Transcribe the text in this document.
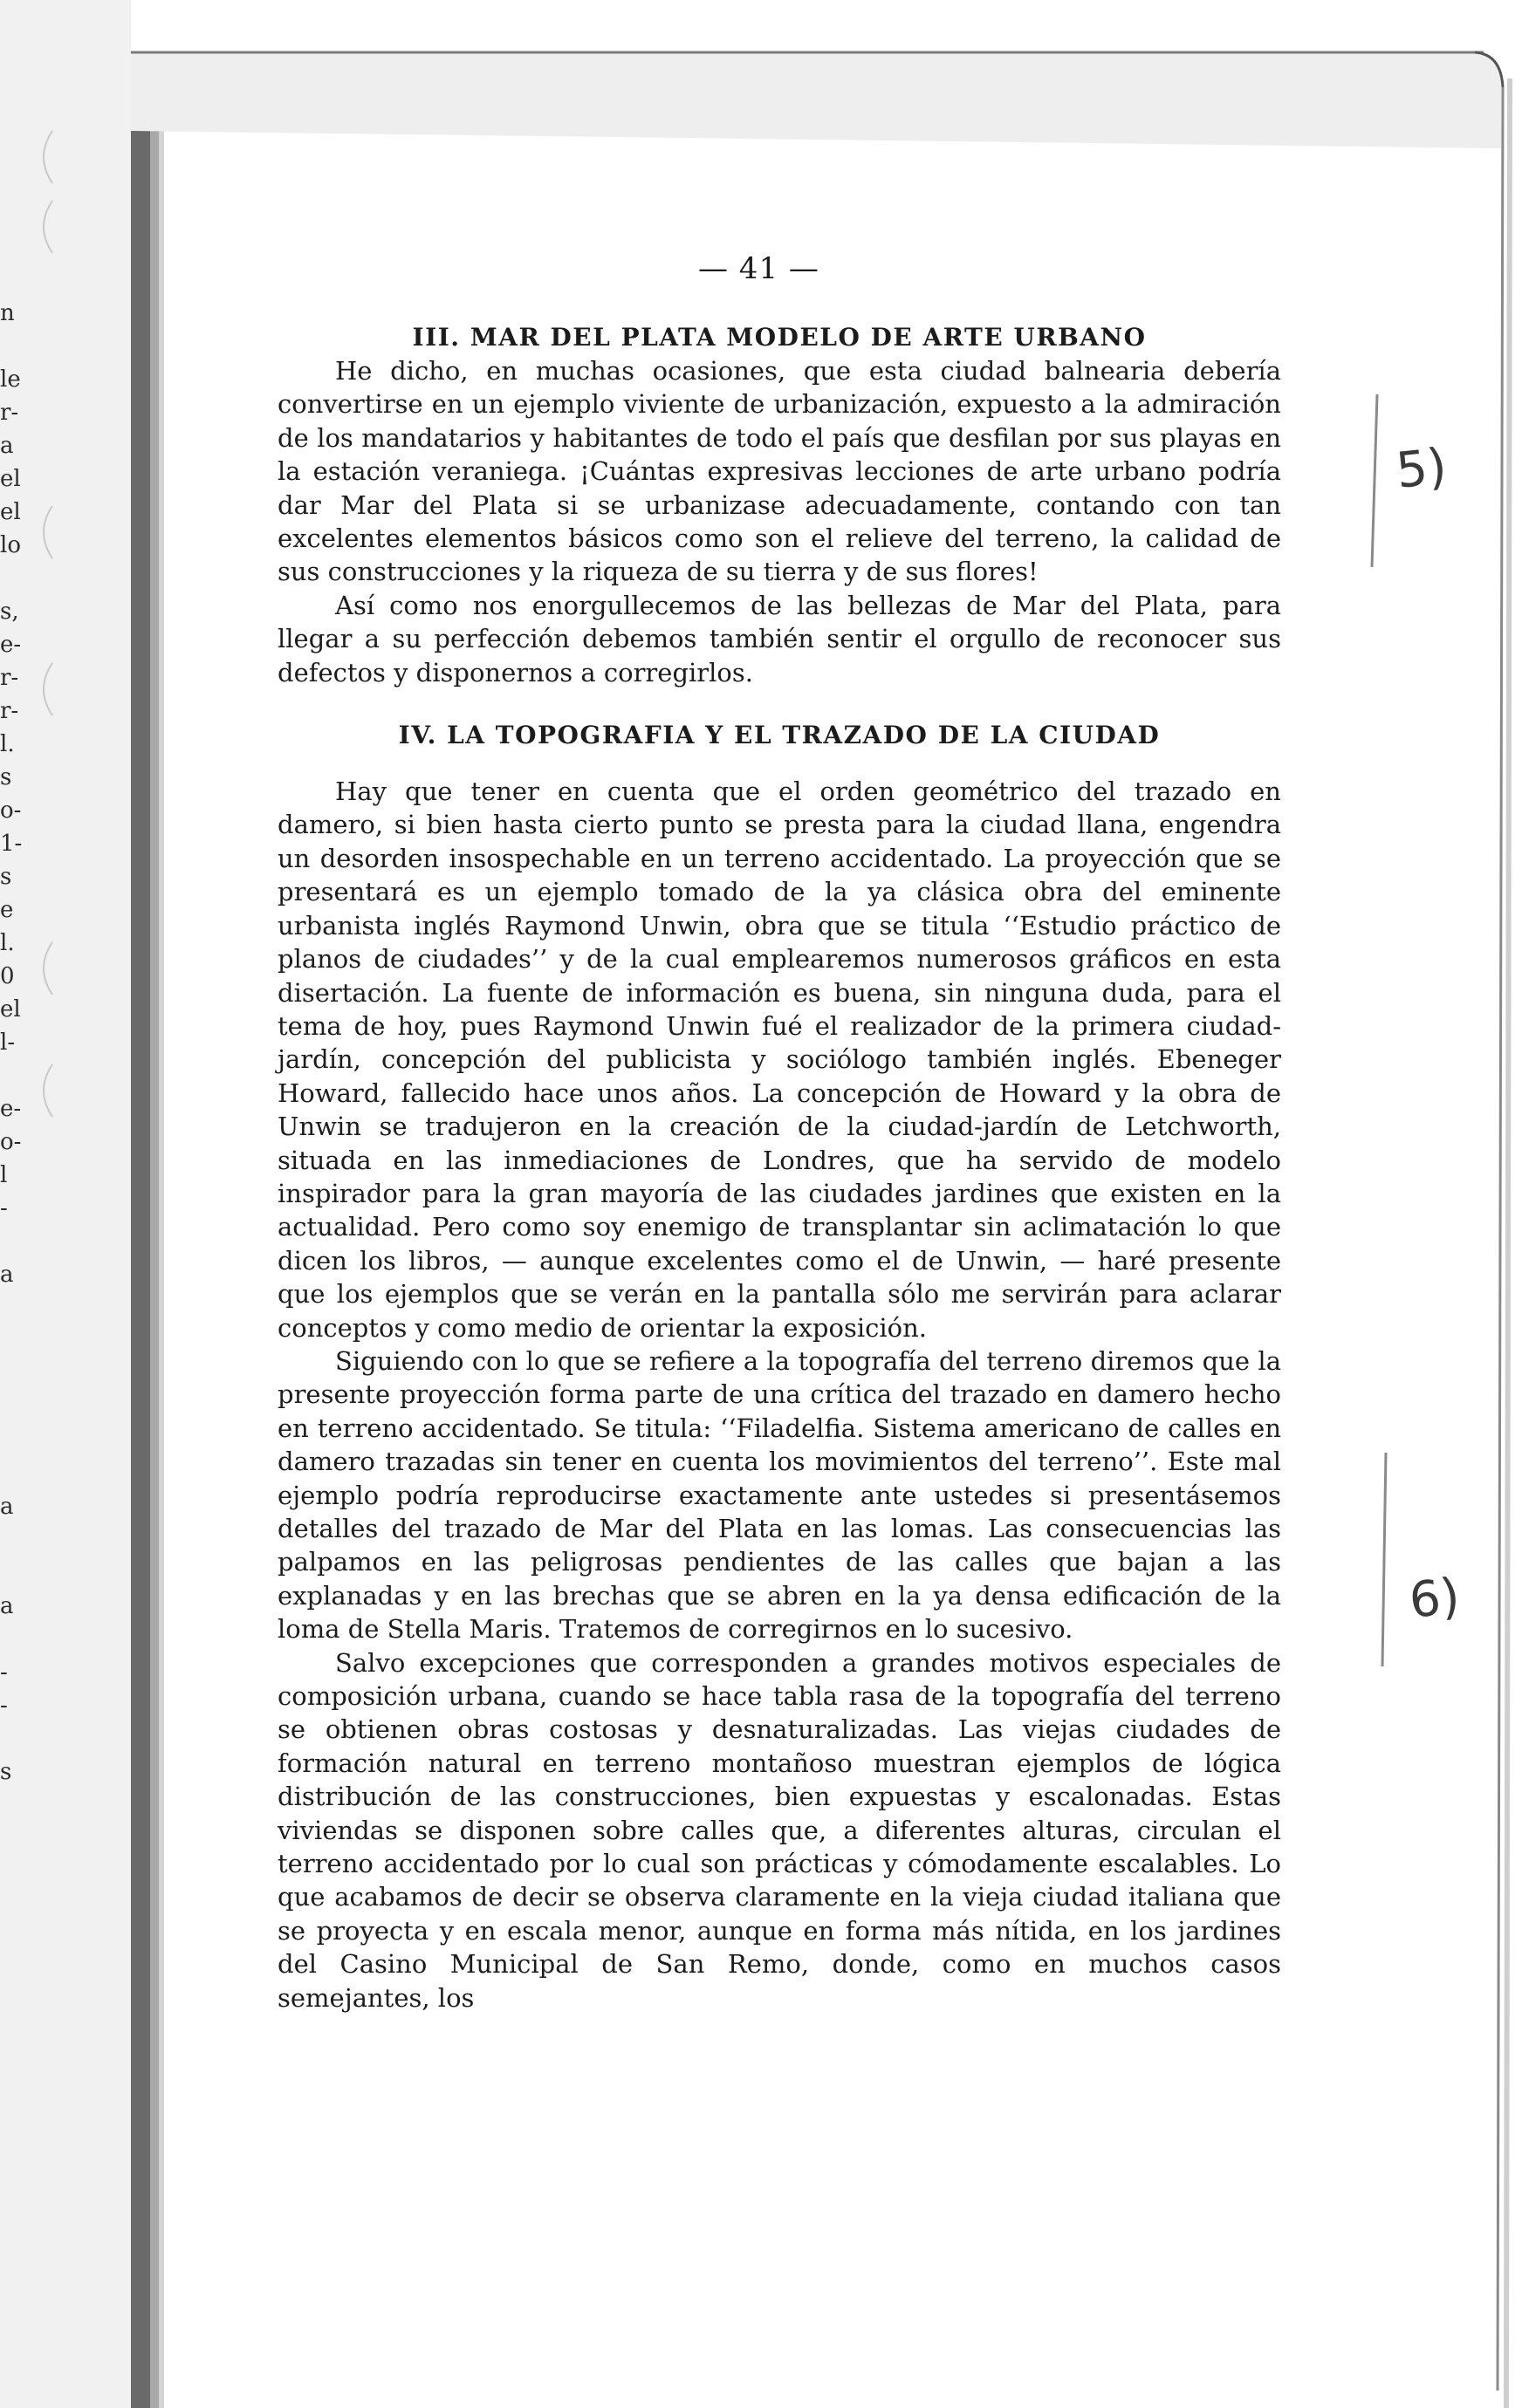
n
le
r-
a
el
el
lo
s,
e-
r-
r-
l.
s
o-
1-
s
e
l.
0
el
l-
e-
o-
l
-
a
a
a
-
-
s
— 41 —
III. MAR DEL PLATA MODELO DE ARTE URBANO

He dicho, en muchas ocasiones, que esta ciudad balnearia debería convertirse en un ejemplo viviente de urbanización, expuesto a la admiración de los mandatarios y habitantes de todo el país que desfilan por sus playas en la estación veraniega. ¡Cuántas expresivas lecciones de arte urbano podría dar Mar del Plata si se urbanizase adecuadamente, contando con tan excelentes elementos básicos como son el relieve del terreno, la calidad de sus construcciones y la riqueza de su tierra y de sus flores!

Así como nos enorgullecemos de las bellezas de Mar del Plata, para llegar a su perfección debemos también sentir el orgullo de reconocer sus defectos y disponernos a corregirlos.

IV. LA TOPOGRAFIA Y EL TRAZADO DE LA CIUDAD

Hay que tener en cuenta que el orden geométrico del trazado en damero, si bien hasta cierto punto se presta para la ciudad llana, engendra un desorden insospechable en un terreno accidentado. La proyección que se presentará es un ejemplo tomado de la ya clásica obra del eminente urbanista inglés Raymond Unwin, obra que se titula ‘‘Estudio práctico de planos de ciudades’’ y de la cual emplearemos numerosos gráficos en esta disertación. La fuente de información es buena, sin ninguna duda, para el tema de hoy, pues Raymond Unwin fué el realizador de la primera ciudad-jardín, concepción del publicista y sociólogo también inglés. Ebeneger Howard, fallecido hace unos años. La concepción de Howard y la obra de Unwin se tradujeron en la creación de la ciudad-jardín de Letchworth, situada en las inmediaciones de Londres, que ha servido de modelo inspirador para la gran mayoría de las ciudades jardines que existen en la actualidad. Pero como soy enemigo de transplantar sin aclimatación lo que dicen los libros, — aunque excelentes como el de Unwin, — haré presente que los ejemplos que se verán en la pantalla sólo me servirán para aclarar conceptos y como medio de orientar la exposición.

Siguiendo con lo que se refiere a la topografía del terreno diremos que la presente proyección forma parte de una crítica del trazado en damero hecho en terreno accidentado. Se titula: ‘‘Filadelfia. Sistema americano de calles en damero trazadas sin tener en cuenta los movimientos del terreno’’. Este mal ejemplo podría reproducirse exactamente ante ustedes si presentásemos detalles del trazado de Mar del Plata en las lomas. Las consecuencias las palpamos en las peligrosas pendientes de las calles que bajan a las explanadas y en las brechas que se abren en la ya densa edificación de la loma de Stella Maris. Tratemos de corregirnos en lo sucesivo.

Salvo excepciones que corresponden a grandes motivos especiales de composición urbana, cuando se hace tabla rasa de la topografía del terreno se obtienen obras costosas y desnaturalizadas. Las viejas ciudades de formación natural en terreno montañoso muestran ejemplos de lógica distribución de las construcciones, bien expuestas y escalonadas. Estas viviendas se disponen sobre calles que, a diferentes alturas, circulan el terreno accidentado por lo cual son prácticas y cómodamente escalables. Lo que acabamos de decir se observa claramente en la vieja ciudad italiana que se proyecta y en escala menor, aunque en forma más nítida, en los jardines del Casino Municipal de San Remo, donde, como en muchos casos semejantes, los

5)
6)
